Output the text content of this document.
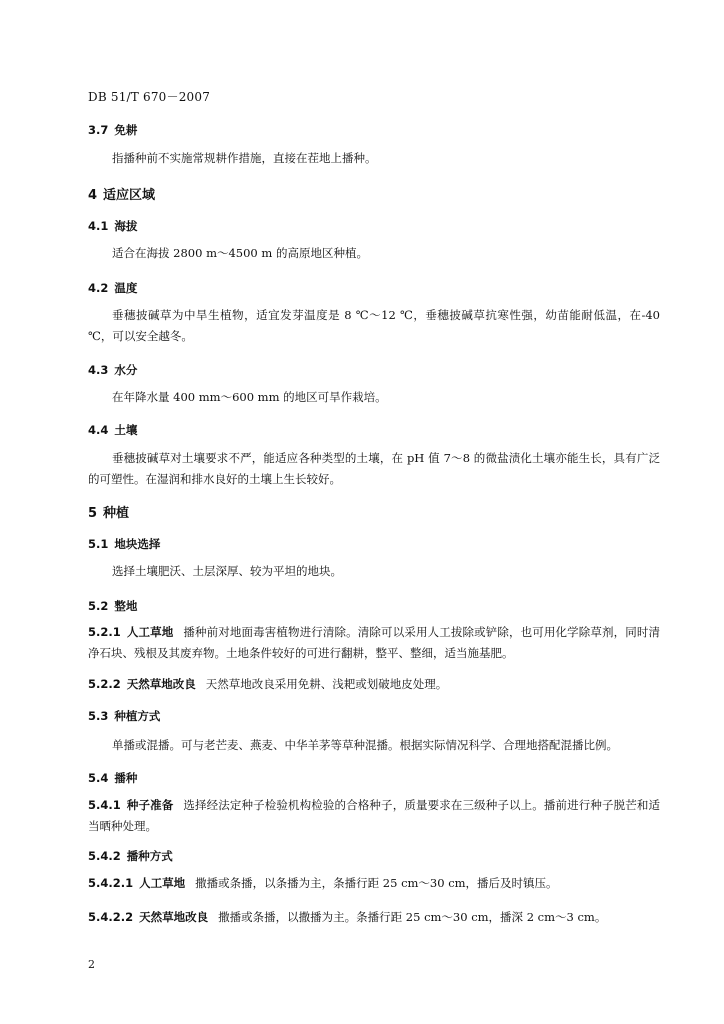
DB 51/T 670－2007
3.7 免耕
指播种前不实施常规耕作措施，直接在茬地上播种。
4 适应区域
4.1 海拔
适合在海拔 2800 m～4500 m 的高原地区种植。
4.2 温度
垂穗披碱草为中旱生植物，适宜发芽温度是 8 ℃～12 ℃，垂穗披碱草抗寒性强，幼苗能耐低温，在-40 ℃，可以安全越冬。
4.3 水分
在年降水量 400 mm～600 mm 的地区可旱作栽培。
4.4 土壤
垂穗披碱草对土壤要求不严，能适应各种类型的土壤，在 pH 值 7～8 的微盐渍化土壤亦能生长，具有广泛的可塑性。在湿润和排水良好的土壤上生长较好。
5 种植
5.1 地块选择
选择土壤肥沃、土层深厚、较为平坦的地块。
5.2 整地
5.2.1 人工草地 播种前对地面毒害植物进行清除。清除可以采用人工拔除或铲除，也可用化学除草剂，同时清净石块、残根及其废弃物。土地条件较好的可进行翻耕，整平、整细，适当施基肥。
5.2.2 天然草地改良 天然草地改良采用免耕、浅耙或划破地皮处理。
5.3 种植方式
单播或混播。可与老芒麦、燕麦、中华羊茅等草种混播。根据实际情况科学、合理地搭配混播比例。
5.4 播种
5.4.1 种子准备 选择经法定种子检验机构检验的合格种子，质量要求在三级种子以上。播前进行种子脱芒和适当晒种处理。
5.4.2 播种方式
5.4.2.1 人工草地 撒播或条播，以条播为主，条播行距 25 cm～30 cm，播后及时镇压。
5.4.2.2 天然草地改良 撒播或条播，以撒播为主。条播行距 25 cm～30 cm，播深 2 cm～3 cm。
2
